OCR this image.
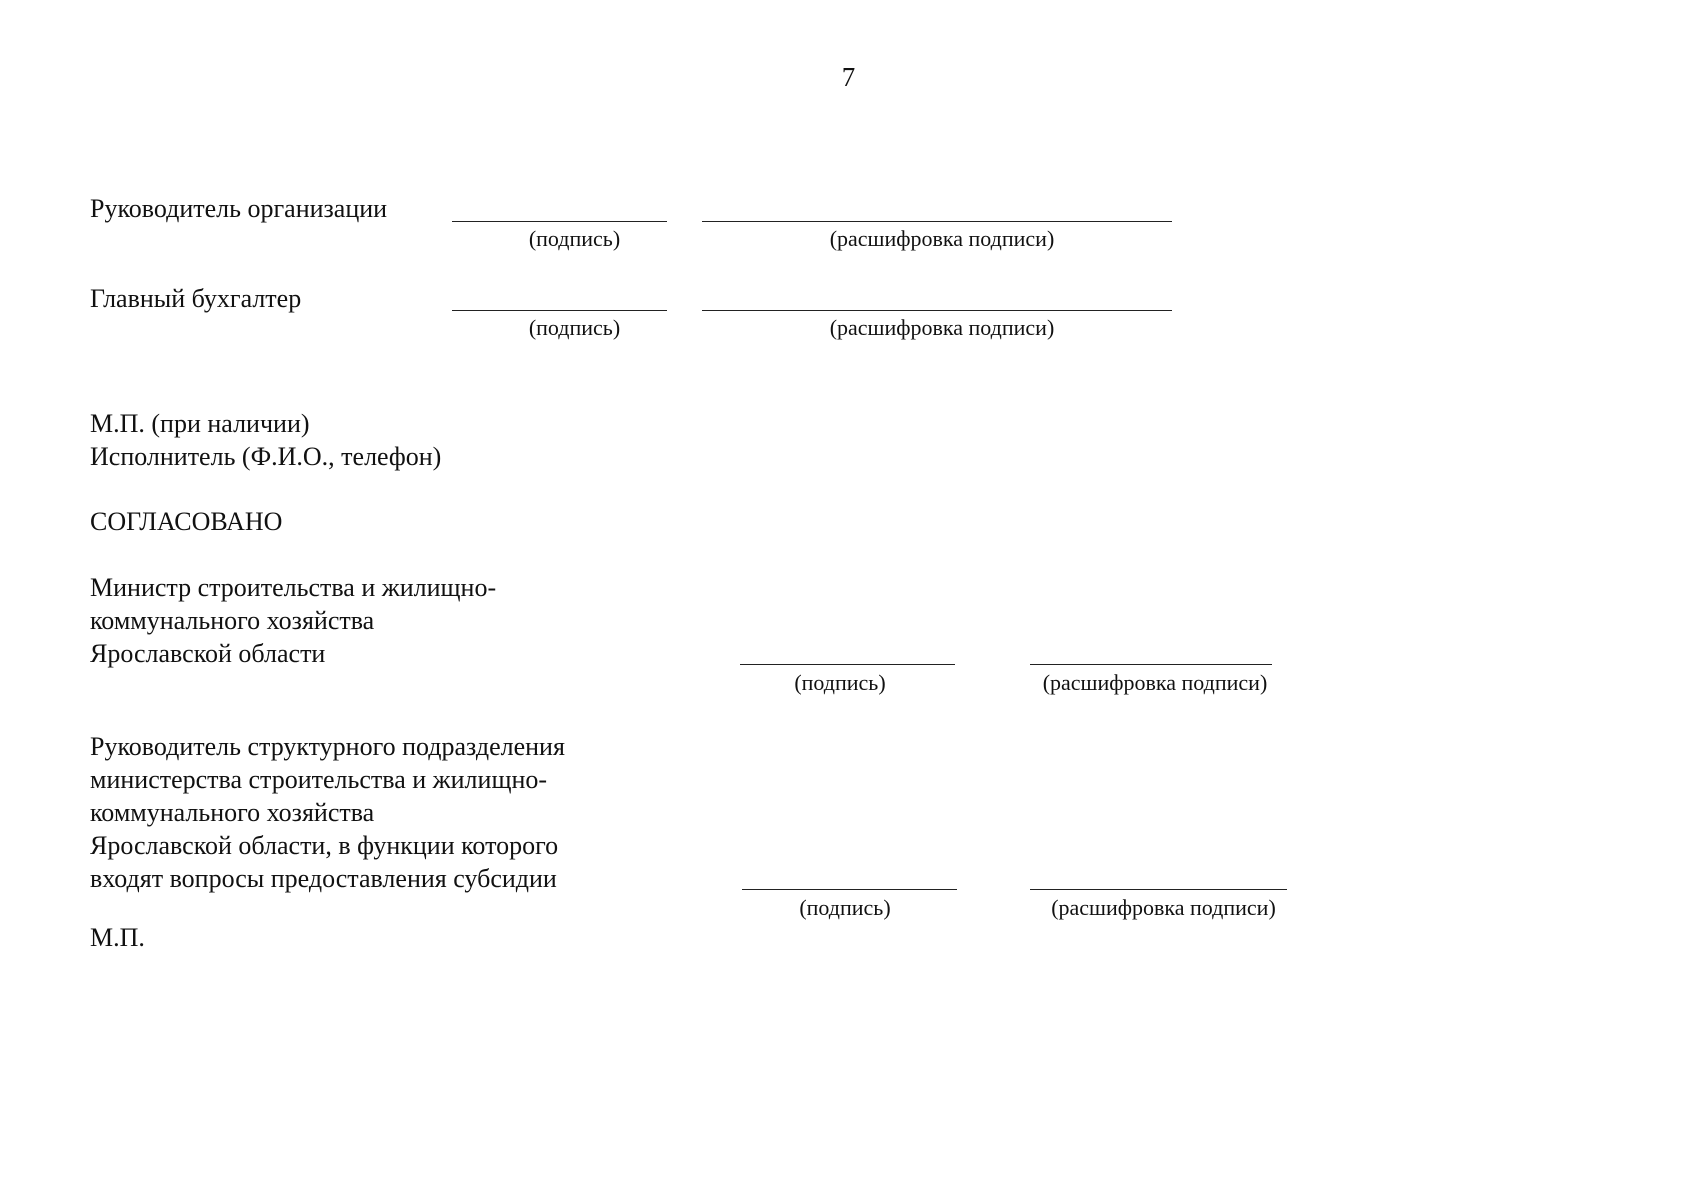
7
Руководитель организации
(подпись)	(расшифровка подписи)
Главный бухгалтер
(подпись)	(расшифровка подписи)
М.П. (при наличии)
Исполнитель (Ф.И.О., телефон)
СОГЛАСОВАНО
Министр строительства и жилищно-
коммунального хозяйства
Ярославской области
(подпись)	(расшифровка подписи)
Руководитель структурного подразделения
министерства строительства и жилищно-
коммунального хозяйства
Ярославской области, в функции которого
входят вопросы предоставления субсидии
(подпись)	(расшифровка подписи)
М.П.
